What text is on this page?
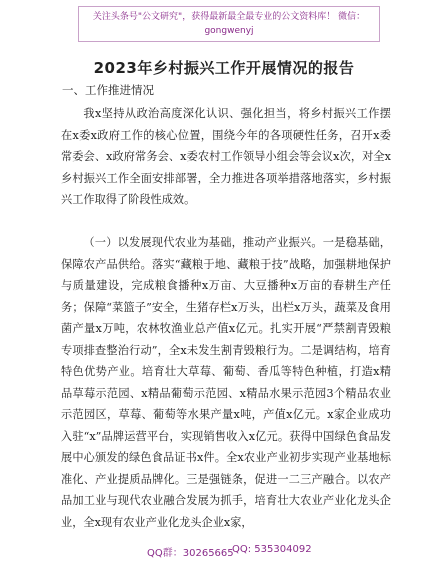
关注头条号"公文研究"，获得最新最全最专业的公文资料库！ 微信：gongwenyj
2023年乡村振兴工作开展情况的报告
一、工作推进情况
我x坚持从政治高度深化认识、强化担当，将乡村振兴工作摆在x委x政府工作的核心位置，围绕今年的各项硬性任务，召开x委常委会、x政府常务会、x委农村工作领导小组会等会议x次，对全x乡村振兴工作全面安排部署，全力推进各项举措落地落实，乡村振兴工作取得了阶段性成效。
（一）以发展现代农业为基础，推动产业振兴。一是稳基础，保障农产品供给。落实“藏粮于地、藏粮于技”战略，加强耕地保护与质量建设，完成粮食播种x万亩、大豆播种x万亩的春耕生产任务；保障“菜篮子”安全，生猪存栏x万头，出栏x万头，蔬菜及食用菌产量x万吨，农林牧渔业总产值x亿元。扎实开展“严禁割青毁粮专项排查整治行动”，全x未发生割青毁粮行为。二是调结构，培育特色优势产业。培育壮大草莓、葡萄、香瓜等特色种植，打造x精品草莓示范园、x精品葡萄示范园、x精品水果示范园3个精品农业示范园区，草莓、葡萄等水果产量x吨，产值x亿元。x家企业成功入驻“x”品牌运营平台，实现销售收入x亿元。获得中国绿色食品发展中心颁发的绿色食品证书x件。全x农业产业初步实现产业基地标准化、产业提质品牌化。三是强链条，促进一二三产融合。以农产品加工业与现代农业融合发展为抓手，培育壮大农业产业化龙头企业，全x现有农业产业化龙头企业x家，
QQ群：30265665
QQ: 535304092
